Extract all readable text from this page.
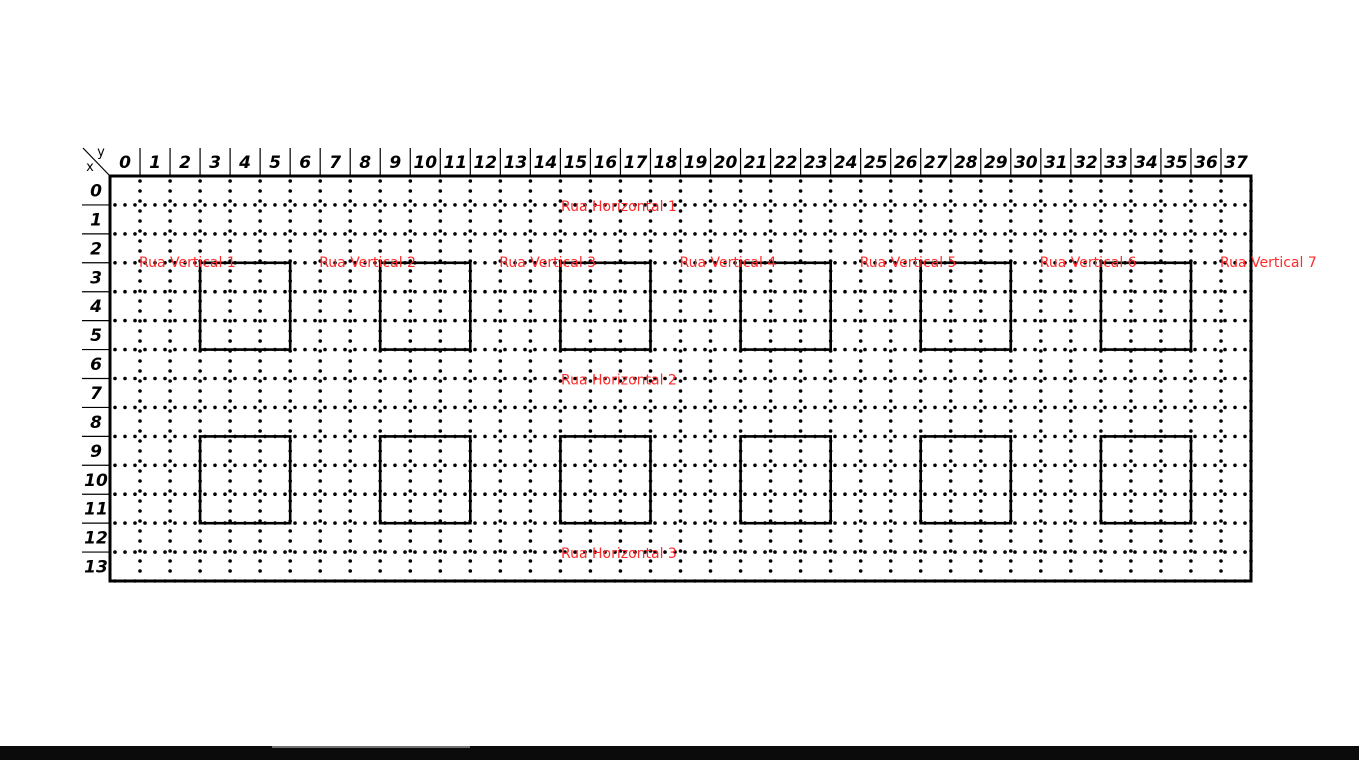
0 1 2 3 4 5 6 7 8 9 10 11 12 13 14 15 16 17 18 19 20 21 22 23 24 25 26 27 28 29 30 31 32 33 34 35 36 37
0
1
2
3
4
5
6
7
8
9
10
11
12
13
x
y
Rua Horizontal 1
Rua Horizontal 2
Rua Horizontal 3
Rua Vertical 1	Rua Vertical 2	Rua Vertical 3	Rua Vertical 4	Rua Vertical 5	Rua Vertical 6	Rua Vertical 7
